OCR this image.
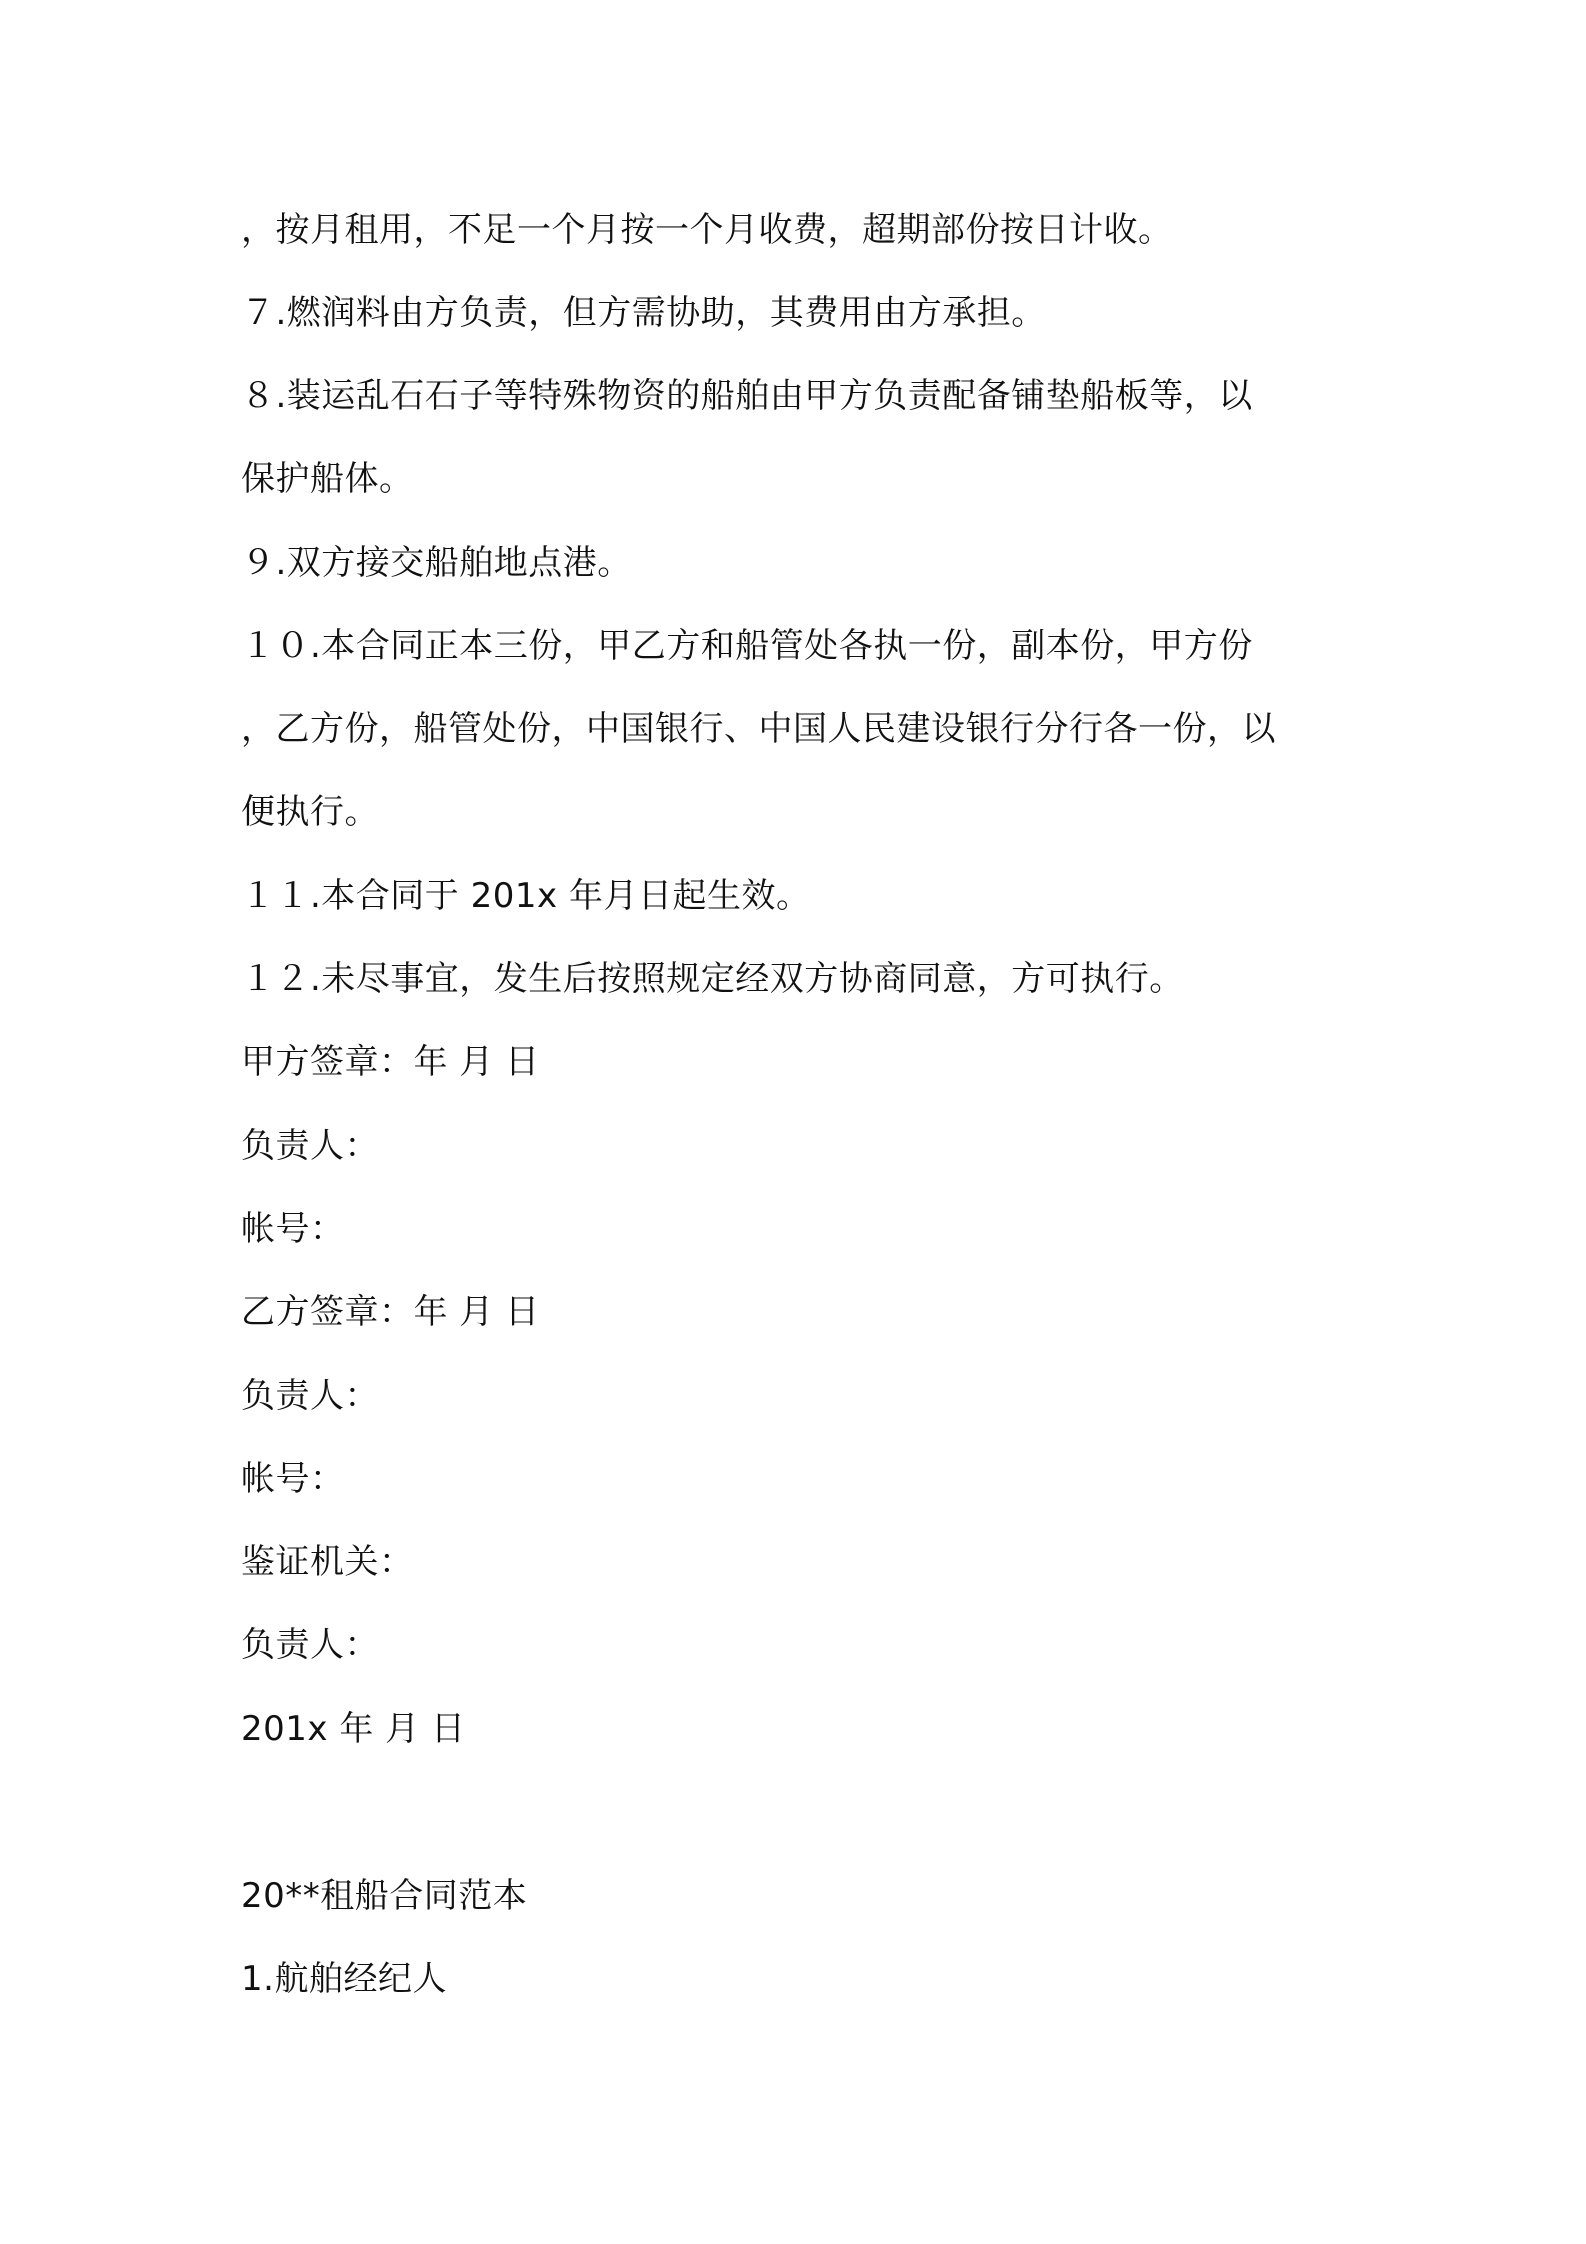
，按月租用，不足一个月按一个月收费，超期部份按日计收。
７.燃润料由方负责，但方需协助，其费用由方承担。
８.装运乱石石子等特殊物资的船舶由甲方负责配备铺垫船板等，以
保护船体。
９.双方接交船舶地点港。
１０.本合同正本三份，甲乙方和船管处各执一份，副本份，甲方份
，乙方份，船管处份，中国银行、中国人民建设银行分行各一份，以
便执行。
１１.本合同于 201x 年月日起生效。
１２.未尽事宜，发生后按照规定经双方协商同意，方可执行。
甲方签章：年 月 日
负责人：
帐号：
乙方签章：年 月 日
负责人：
帐号：
鉴证机关：
负责人：
201x 年 月 日
20**租船合同范本
1.航舶经纪人
